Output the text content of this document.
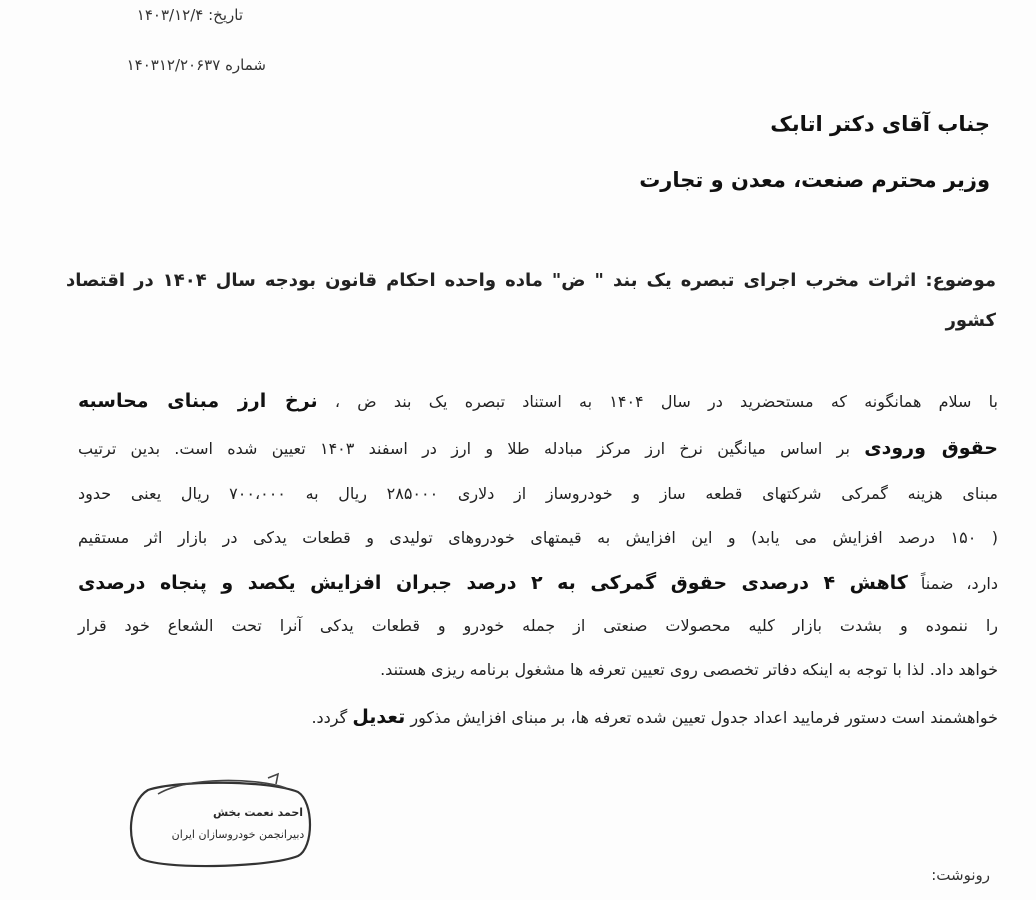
تاریخ: ۱۴۰۳/۱۲/۴
شماره ۱۴۰۳۱۲/۲۰۶۳۷
جناب آقای دکتر اتابک
وزیر محترم صنعت، معدن و تجارت
موضوع: اثرات مخرب اجرای تبصره یک بند " ض" ماده واحده احکام قانون بودجه سال ۱۴۰۴ در اقتصاد
کشور
با سلام همانگونه که مستحضرید در سال ۱۴۰۴ به استناد تبصره یک بند ض ، نرخ ارز مبنای محاسبه
حقوق ورودی بر اساس میانگین نرخ ارز مرکز مبادله طلا و ارز در اسفند ۱۴۰۳ تعیین شده است. بدین ترتیب
مبنای هزینه گمرکی شرکتهای قطعه ساز و خودروساز از دلاری ۲۸۵۰۰۰ ریال به ۷۰۰،۰۰۰ ریال یعنی حدود
( ۱۵۰ درصد افزایش می یابد) و این افزایش به قیمتهای خودروهای تولیدی و قطعات یدکی در بازار اثر مستقیم
دارد، ضمناً کاهش ۴ درصدی حقوق گمرکی به ۲ درصد جبران افزایش یکصد و پنجاه درصدی
را ننموده و بشدت بازار کلیه محصولات صنعتی از جمله خودرو و قطعات یدکی آنرا تحت الشعاع خود قرار
خواهد داد. لذا با توجه به اینکه دفاتر تخصصی روی تعیین تعرفه ها مشغول برنامه ریزی هستند.
خواهشمند است دستور فرمایید اعداد جدول تعیین شده تعرفه ها، بر مبنای افزایش مذکور تعدیل گردد.
احمد نعمت بخش
دبیرانجمن خودروسازان ایران
رونوشت:
